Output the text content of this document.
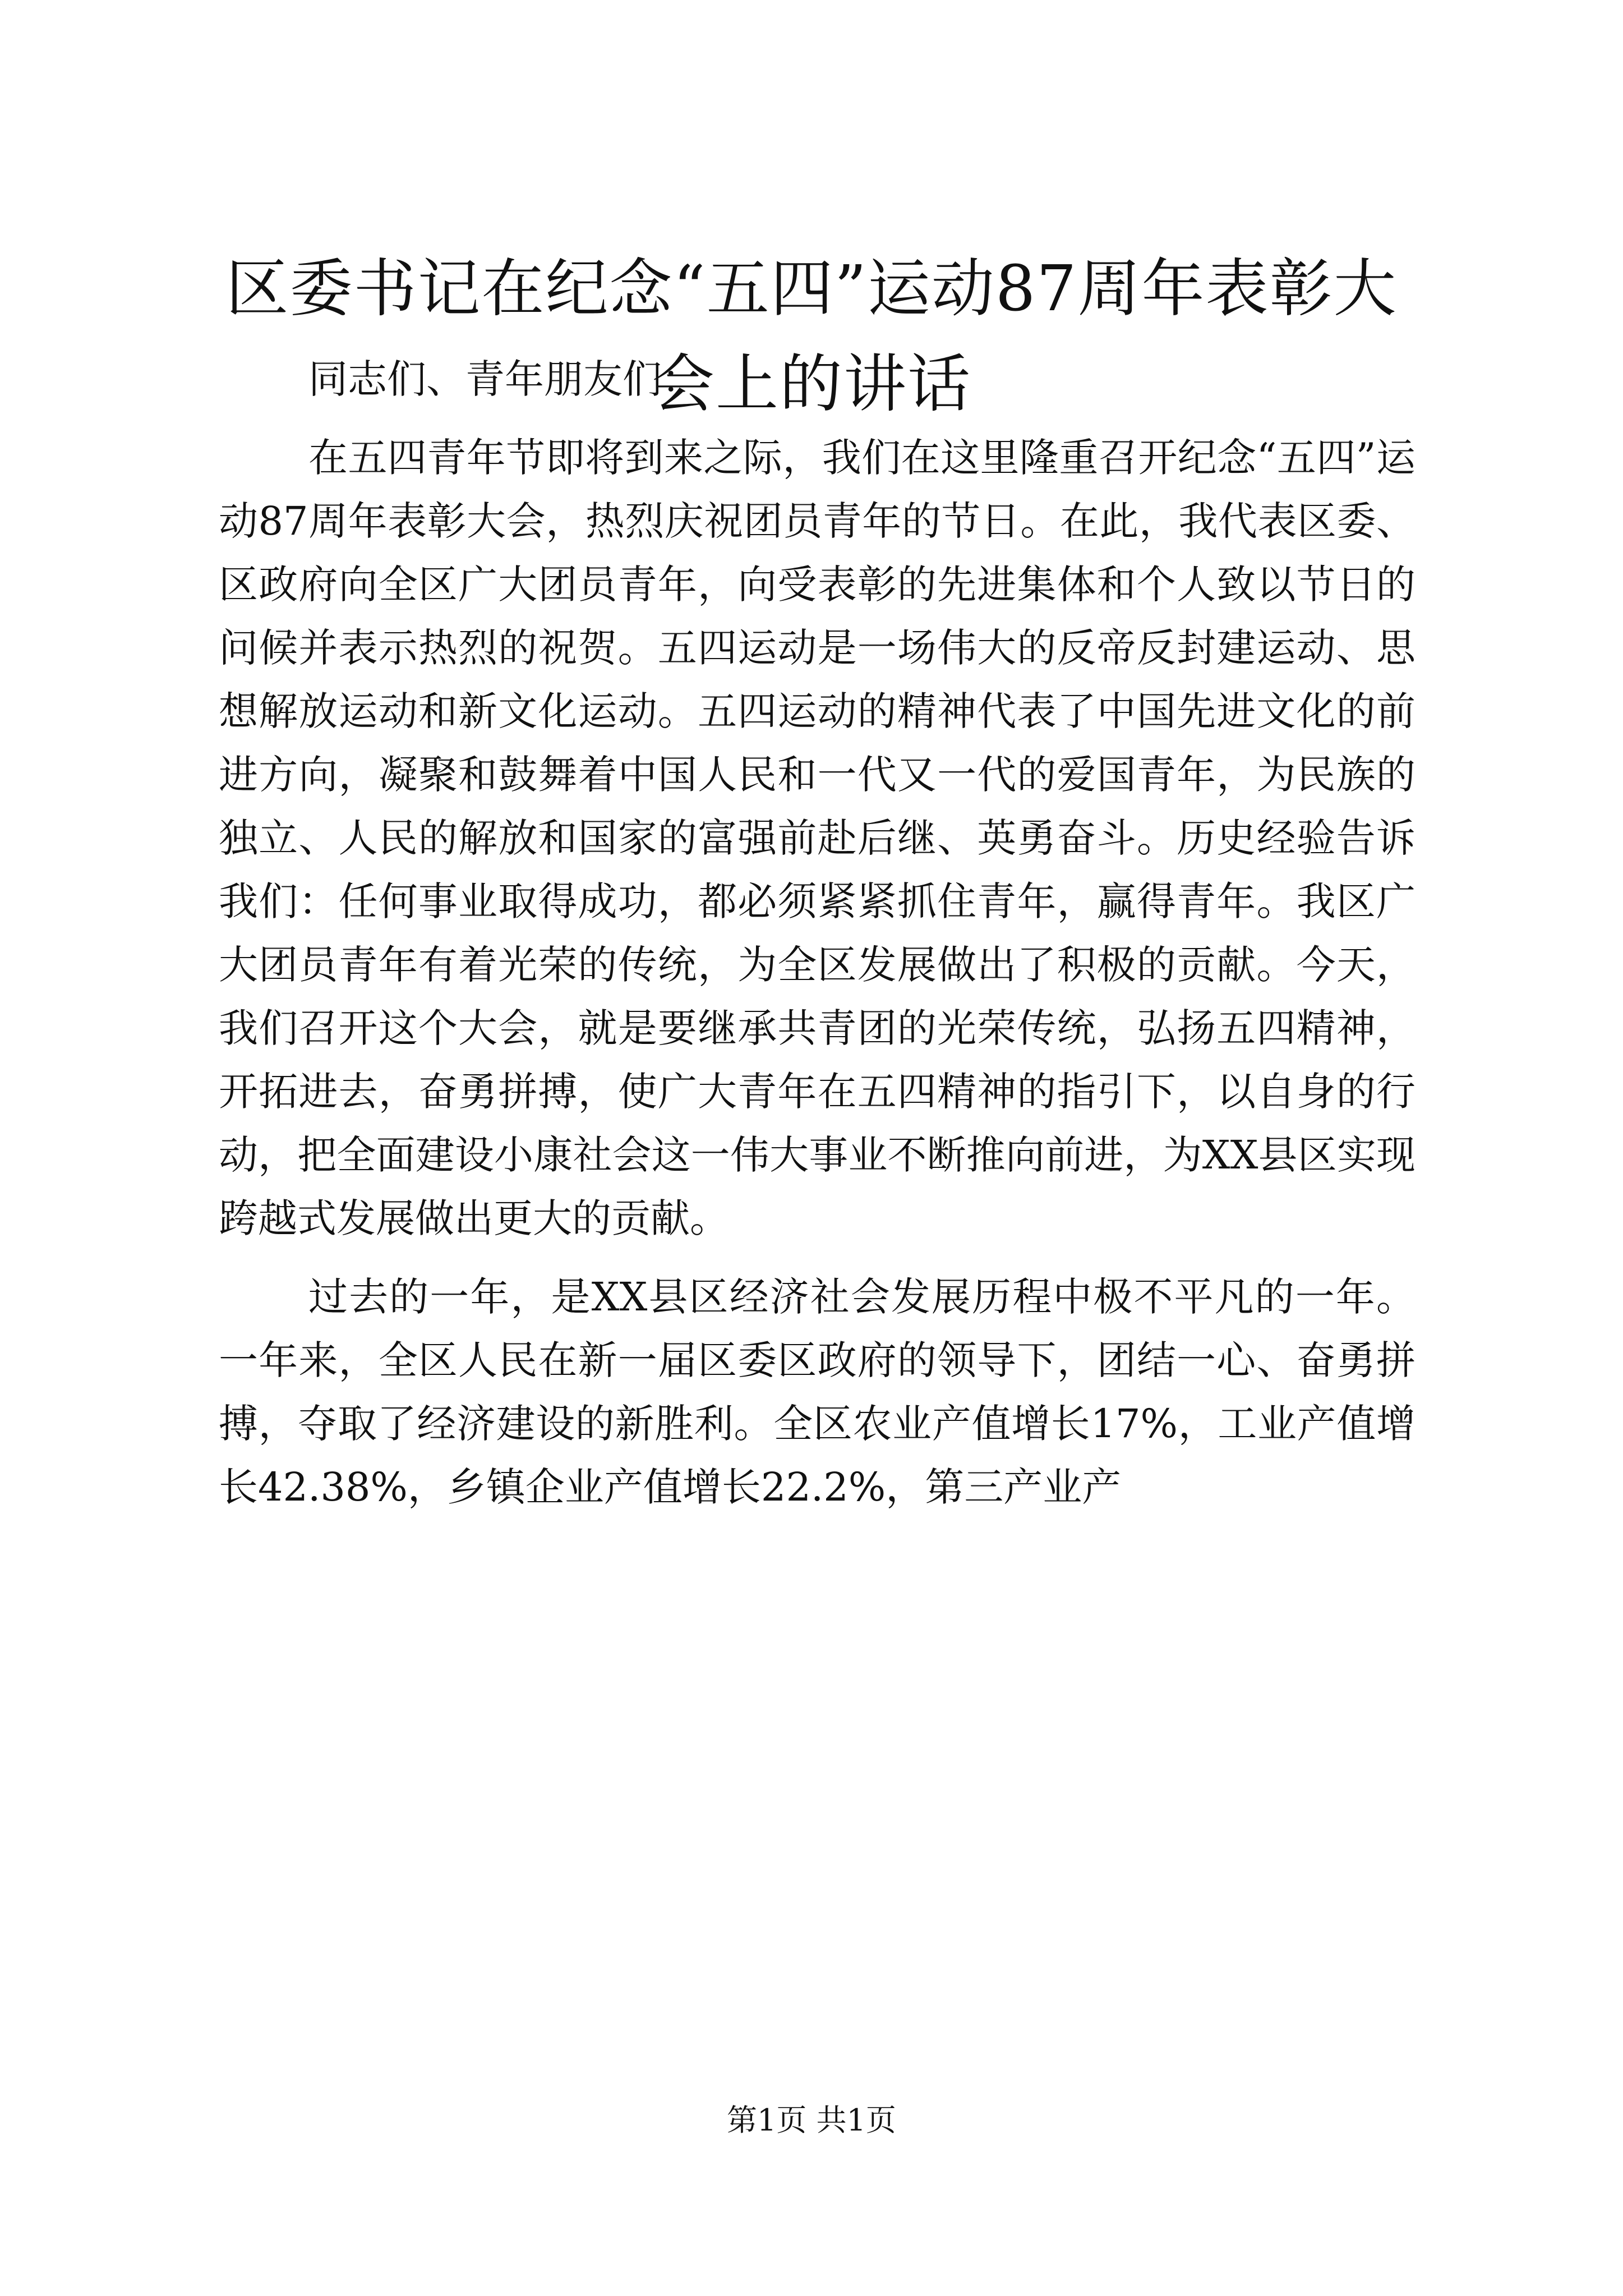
区委书记在纪念“五四”运动87周年表彰大会上的讲话

同志们、青年朋友们：

在五四青年节即将到来之际，我们在这里隆重召开纪念“五四”运动87周年表彰大会，热烈庆祝团员青年的节日。在此，我代表区委、区政府向全区广大团员青年，向受表彰的先进集体和个人致以节日的问候并表示热烈的祝贺。五四运动是一场伟大的反帝反封建运动、思想解放运动和新文化运动。五四运动的精神代表了中国先进文化的前进方向，凝聚和鼓舞着中国人民和一代又一代的爱国青年，为民族的独立、人民的解放和国家的富强前赴后继、英勇奋斗。历史经验告诉我们：任何事业取得成功，都必须紧紧抓住青年，赢得青年。我区广大团员青年有着光荣的传统，为全区发展做出了积极的贡献。今天，我们召开这个大会，就是要继承共青团的光荣传统，弘扬五四精神，开拓进去，奋勇拼搏，使广大青年在五四精神的指引下，以自身的行动，把全面建设小康社会这一伟大事业不断推向前进，为XX县区实现跨越式发展做出更大的贡献。

过去的一年，是XX县区经济社会发展历程中极不平凡的一年。一年来，全区人民在新一届区委区政府的领导下，团结一心、奋勇拼搏，夺取了经济建设的新胜利。全区农业产值增长17%，工业产值增长42.38%，乡镇企业产值增长22.2%，第三产业产

第1页 共1页
